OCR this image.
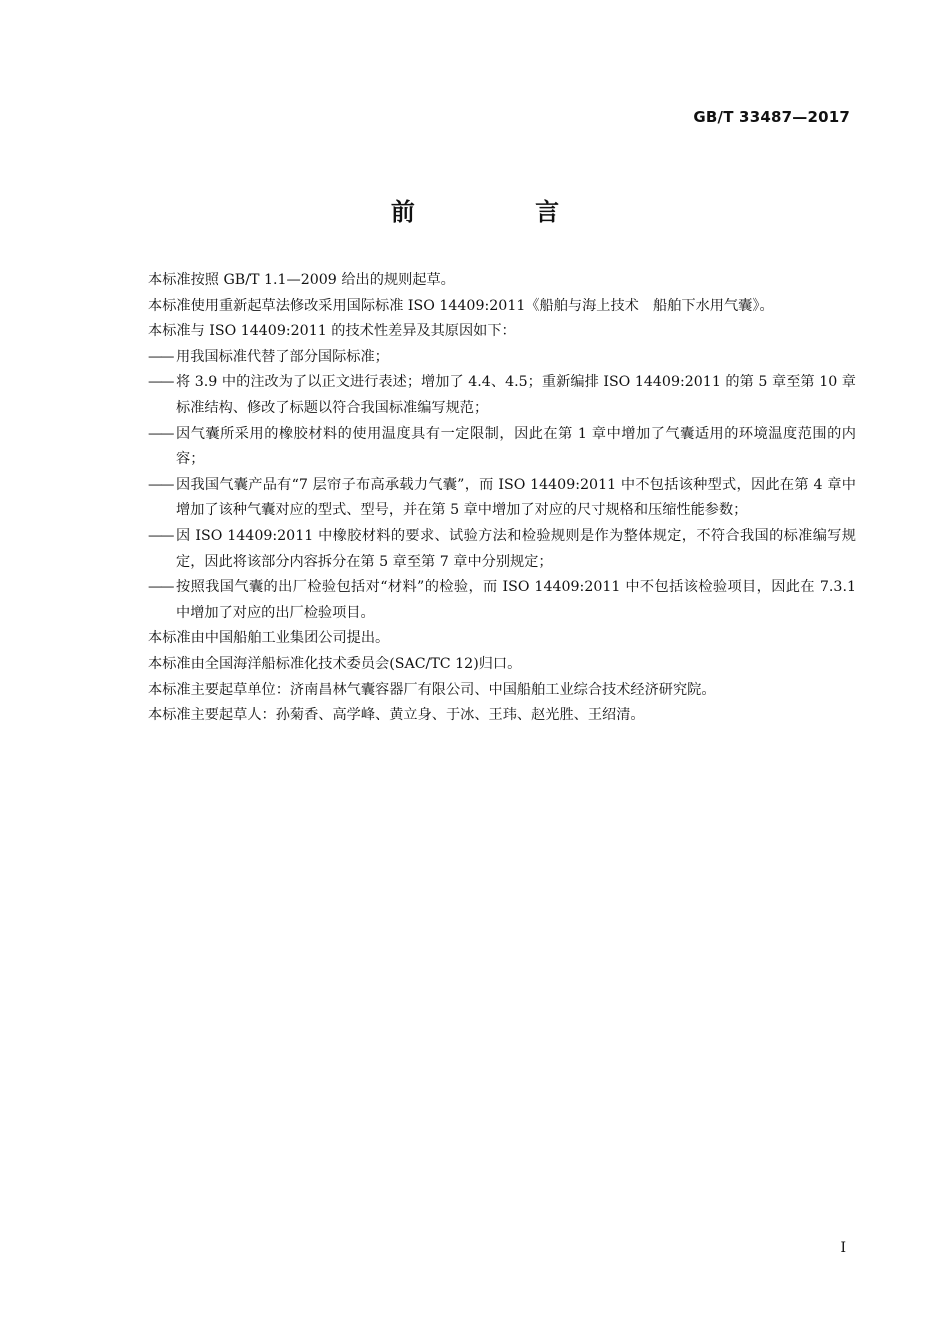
GB/T 33487—2017
前 言

本标准按照 GB/T 1.1—2009 给出的规则起草。

本标准使用重新起草法修改采用国际标准 ISO 14409:2011《船舶与海上技术　船舶下水用气囊》。

本标准与 ISO 14409:2011 的技术性差异及其原因如下：

—— 用我国标准代替了部分国际标准；
—— 将 3.9 中的注改为了以正文进行表述；增加了 4.4、4.5；重新编排 ISO 14409:2011 的第 5 章至第 10 章标准结构、修改了标题以符合我国标准编写规范；
—— 因气囊所采用的橡胶材料的使用温度具有一定限制，因此在第 1 章中增加了气囊适用的环境温度范围的内容；
—— 因我国气囊产品有“7 层帘子布高承载力气囊”，而 ISO 14409:2011 中不包括该种型式，因此在第 4 章中增加了该种气囊对应的型式、型号，并在第 5 章中增加了对应的尺寸规格和压缩性能参数；
—— 因 ISO 14409:2011 中橡胶材料的要求、试验方法和检验规则是作为整体规定，不符合我国的标准编写规定，因此将该部分内容拆分在第 5 章至第 7 章中分别规定；
—— 按照我国气囊的出厂检验包括对“材料”的检验，而 ISO 14409:2011 中不包括该检验项目，因此在 7.3.1 中增加了对应的出厂检验项目。

本标准由中国船舶工业集团公司提出。

本标准由全国海洋船标准化技术委员会(SAC/TC 12)归口。

本标准主要起草单位：济南昌林气囊容器厂有限公司、中国船舶工业综合技术经济研究院。

本标准主要起草人：孙菊香、高学峰、黄立身、于冰、王玮、赵光胜、王绍清。

I
